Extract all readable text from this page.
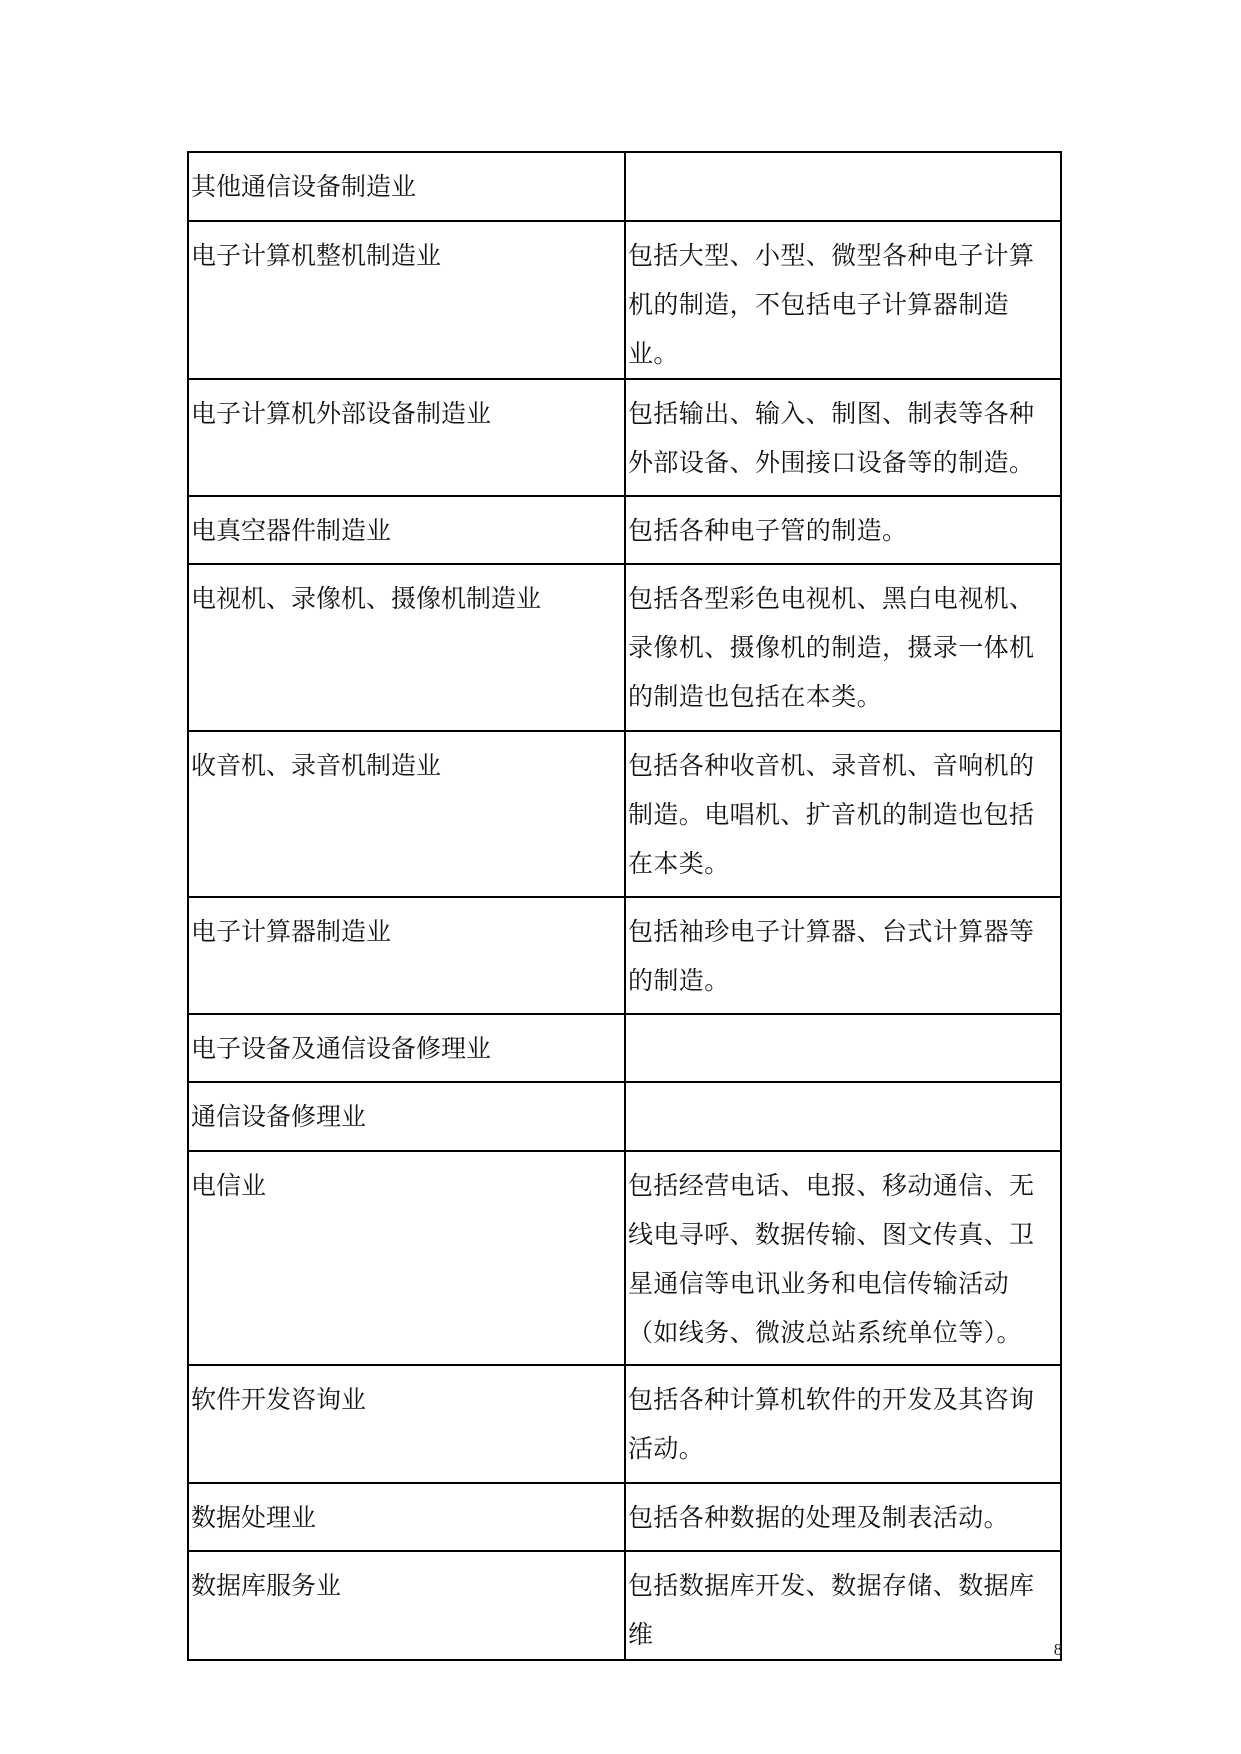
其他通信设备制造业	
电子计算机整机制造业	包括大型、小型、微型各种电子计算机的制造，不包括电子计算器制造业。
电子计算机外部设备制造业	包括输出、输入、制图、制表等各种外部设备、外围接口设备等的制造。
电真空器件制造业	包括各种电子管的制造。
电视机、录像机、摄像机制造业	包括各型彩色电视机、黑白电视机、录像机、摄像机的制造，摄录一体机的制造也包括在本类。
收音机、录音机制造业	包括各种收音机、录音机、音响机的制造。电唱机、扩音机的制造也包括在本类。
电子计算器制造业	包括袖珍电子计算器、台式计算器等的制造。
电子设备及通信设备修理业	
通信设备修理业	
电信业	包括经营电话、电报、移动通信、无线电寻呼、数据传输、图文传真、卫星通信等电讯业务和电信传输活动（如线务、微波总站系统单位等）。
软件开发咨询业	包括各种计算机软件的开发及其咨询活动。
数据处理业	包括各种数据的处理及制表活动。
数据库服务业	包括数据库开发、数据存储、数据库维
8
